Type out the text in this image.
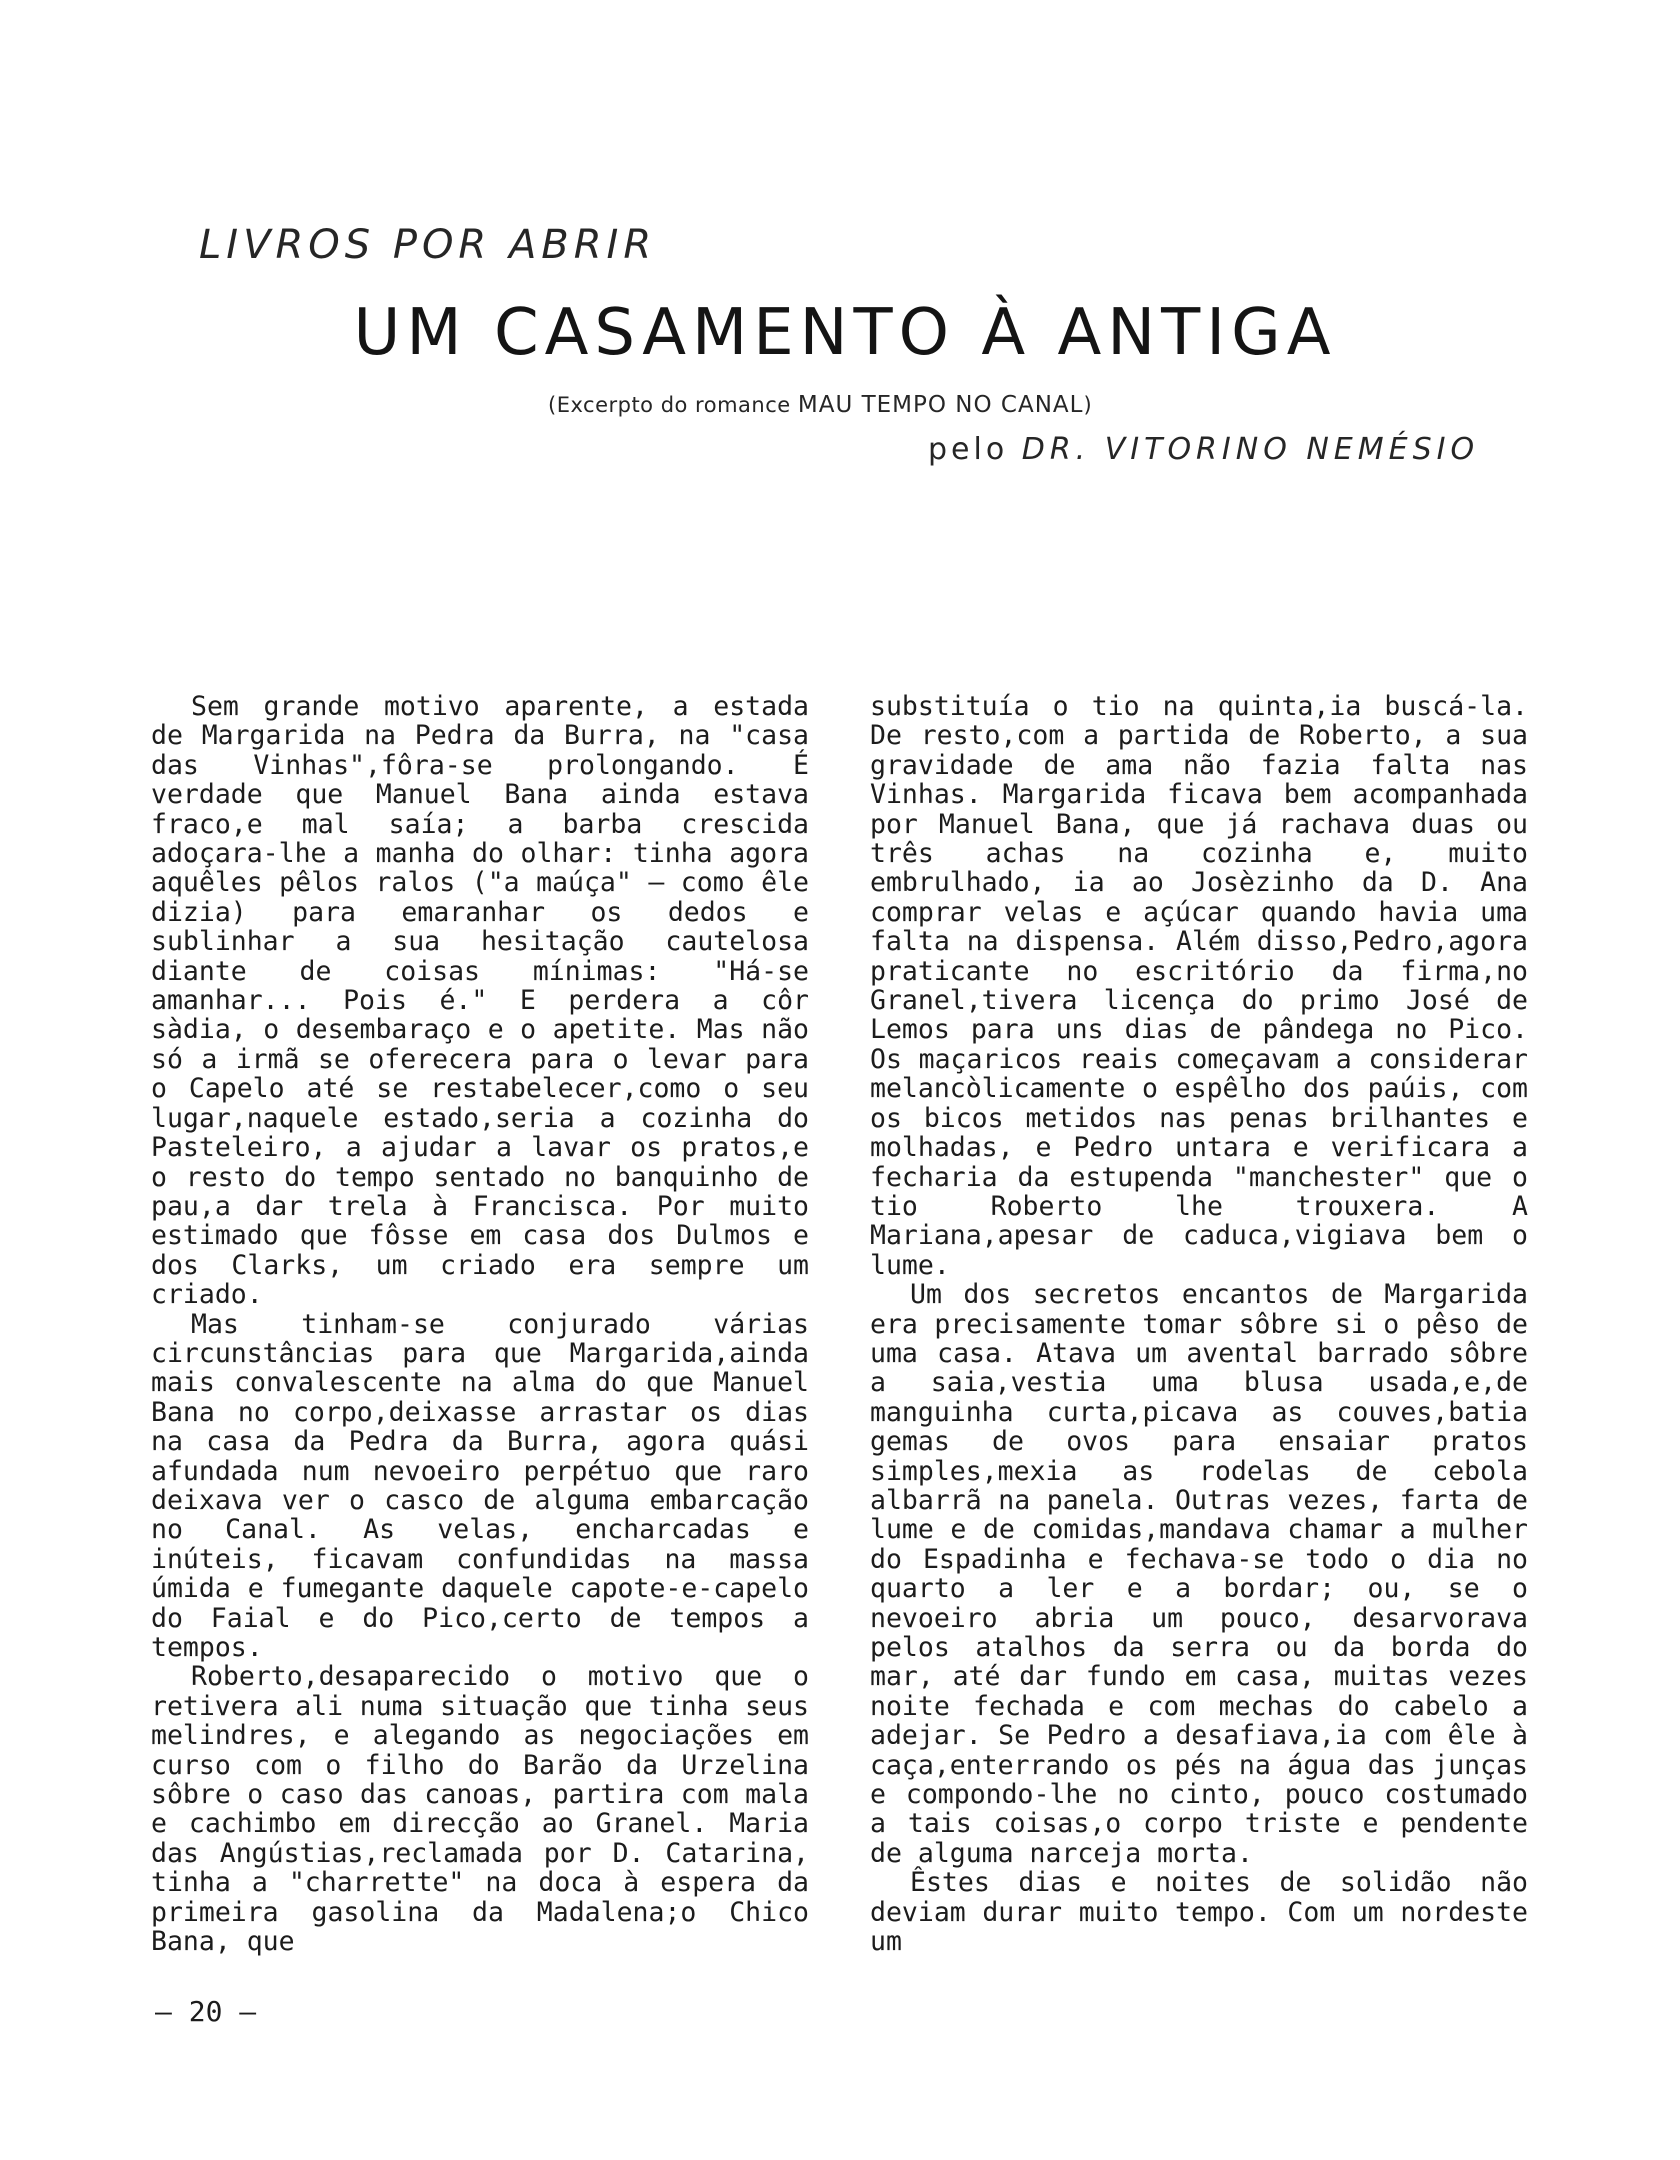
LIVROS POR ABRIR
UM CASAMENTO À ANTIGA
(Excerpto do romance MAU TEMPO NO CANAL)
pelo DR. VITORINO NEMÉSIO

Sem grande motivo aparente, a estada de Margarida na Pedra da Burra, na "casa das Vinhas",fôra-se prolongando. É verdade que Manuel Bana ainda estava fraco,e mal saía; a barba crescida adoçara-lhe a manha do olhar: tinha agora aquêles pêlos ralos ("a maúça" — como êle dizia) para emaranhar os dedos e sublinhar a sua hesitação cautelosa diante de coisas mínimas: "Há-se amanhar... Pois é." E perdera a côr sàdia, o desembaraço e o apetite. Mas não só a irmã se oferecera para o levar para o Capelo até se restabelecer,como o seu lugar,naquele estado,seria a cozinha do Pasteleiro, a ajudar a lavar os pratos,e o resto do tempo sentado no banquinho de pau,a dar trela à Francisca. Por muito estimado que fôsse em casa dos Dulmos e dos Clarks, um criado era sempre um criado.

Mas tinham-se conjurado várias circunstâncias para que Margarida,ainda mais convalescente na alma do que Manuel Bana no corpo,deixasse arrastar os dias na casa da Pedra da Burra, agora quási afundada num nevoeiro perpétuo que raro deixava ver o casco de alguma embarcação no Canal. As velas, encharcadas e inúteis, ficavam confundidas na massa úmida e fumegante daquele capote-e-capelo do Faial e do Pico,certo de tempos a tempos.

Roberto,desaparecido o motivo que o retivera ali numa situação que tinha seus melindres, e alegando as negociações em curso com o filho do Barão da Urzelina sôbre o caso das canoas, partira com mala e cachimbo em direcção ao Granel. Maria das Angústias,reclamada por D. Catarina, tinha a "charrette" na doca à espera da primeira gasolina da Madalena;o Chico Bana, que

substituía o tio na quinta,ia buscá-la. De resto,com a partida de Roberto, a sua gravidade de ama não fazia falta nas Vinhas. Margarida ficava bem acompanhada por Manuel Bana, que já rachava duas ou três achas na cozinha e, muito embrulhado, ia ao Josèzinho da D. Ana comprar velas e açúcar quando havia uma falta na dispensa. Além disso,Pedro,agora praticante no escritório da firma,no Granel,tivera licença do primo José de Lemos para uns dias de pândega no Pico. Os maçaricos reais começavam a considerar melancòlicamente o espêlho dos paúis, com os bicos metidos nas penas brilhantes e molhadas, e Pedro untara e verificara a fecharia da estupenda "manchester" que o tio Roberto lhe trouxera. A Mariana,apesar de caduca,vigiava bem o lume.

Um dos secretos encantos de Margarida era precisamente tomar sôbre si o pêso de uma casa. Atava um avental barrado sôbre a saia,vestia uma blusa usada,e,de manguinha curta,picava as couves,batia gemas de ovos para ensaiar pratos simples,mexia as rodelas de cebola albarrã na panela. Outras vezes, farta de lume e de comidas,mandava chamar a mulher do Espadinha e fechava-se todo o dia no quarto a ler e a bordar; ou, se o nevoeiro abria um pouco, desarvorava pelos atalhos da serra ou da borda do mar, até dar fundo em casa, muitas vezes noite fechada e com mechas do cabelo a adejar. Se Pedro a desafiava,ia com êle à caça,enterrando os pés na água das junças e compondo-lhe no cinto, pouco costumado a tais coisas,o corpo triste e pendente de alguma narceja morta.

Êstes dias e noites de solidão não deviam durar muito tempo. Com um nordeste um

– 20 –
